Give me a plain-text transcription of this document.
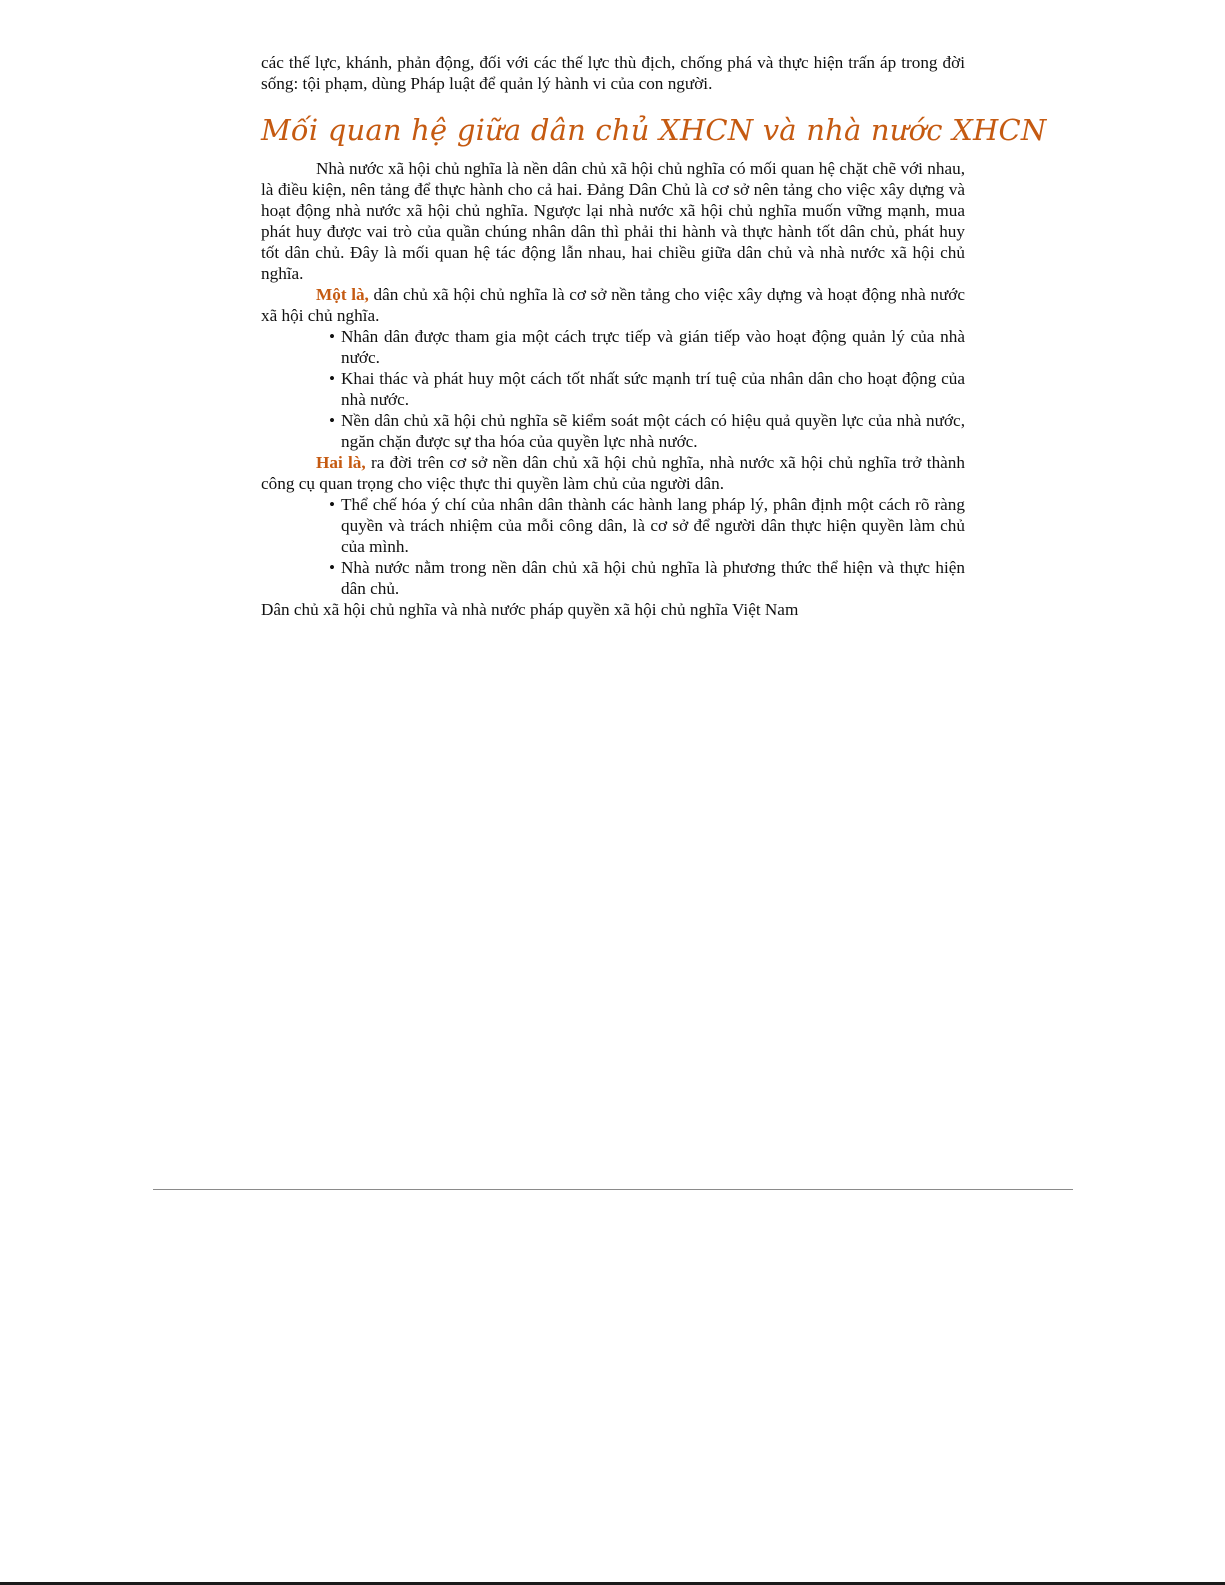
các thế lực, khánh, phản động, đối với các thế lực thù địch, chống phá và thực hiện trấn áp trong đời sống: tội phạm, dùng Pháp luật để quản lý hành vi của con người.

Mối quan hệ giữa dân chủ XHCN và nhà nước XHCN

Nhà nước xã hội chủ nghĩa là nền dân chủ xã hội chủ nghĩa có mối quan hệ chặt chẽ với nhau, là điều kiện, nên tảng để thực hành cho cả hai. Đảng Dân Chủ là cơ sở nên tảng cho việc xây dựng và hoạt động nhà nước xã hội chủ nghĩa. Ngược lại nhà nước xã hội chủ nghĩa muốn vững mạnh, mua phát huy được vai trò của quần chúng nhân dân thì phải thi hành và thực hành tốt dân chủ, phát huy tốt dân chủ. Đây là mối quan hệ tác động lẫn nhau, hai chiều giữa dân chủ và nhà nước xã hội chủ nghĩa.

Một là, dân chủ xã hội chủ nghĩa là cơ sở nền tảng cho việc xây dựng và hoạt động nhà nước xã hội chủ nghĩa.

• Nhân dân được tham gia một cách trực tiếp và gián tiếp vào hoạt động quản lý của nhà nước.
• Khai thác và phát huy một cách tốt nhất sức mạnh trí tuệ của nhân dân cho hoạt động của nhà nước.
• Nền dân chủ xã hội chủ nghĩa sẽ kiểm soát một cách có hiệu quả quyền lực của nhà nước, ngăn chặn được sự tha hóa của quyền lực nhà nước.

Hai là, ra đời trên cơ sở nền dân chủ xã hội chủ nghĩa, nhà nước xã hội chủ nghĩa trở thành công cụ quan trọng cho việc thực thi quyền làm chủ của người dân.

• Thể chế hóa ý chí của nhân dân thành các hành lang pháp lý, phân định một cách rõ ràng quyền và trách nhiệm của mỗi công dân, là cơ sở để người dân thực hiện quyền làm chủ của mình.
• Nhà nước nằm trong nền dân chủ xã hội chủ nghĩa là phương thức thể hiện và thực hiện dân chủ.

Dân chủ xã hội chủ nghĩa và nhà nước pháp quyền xã hội chủ nghĩa Việt Nam
